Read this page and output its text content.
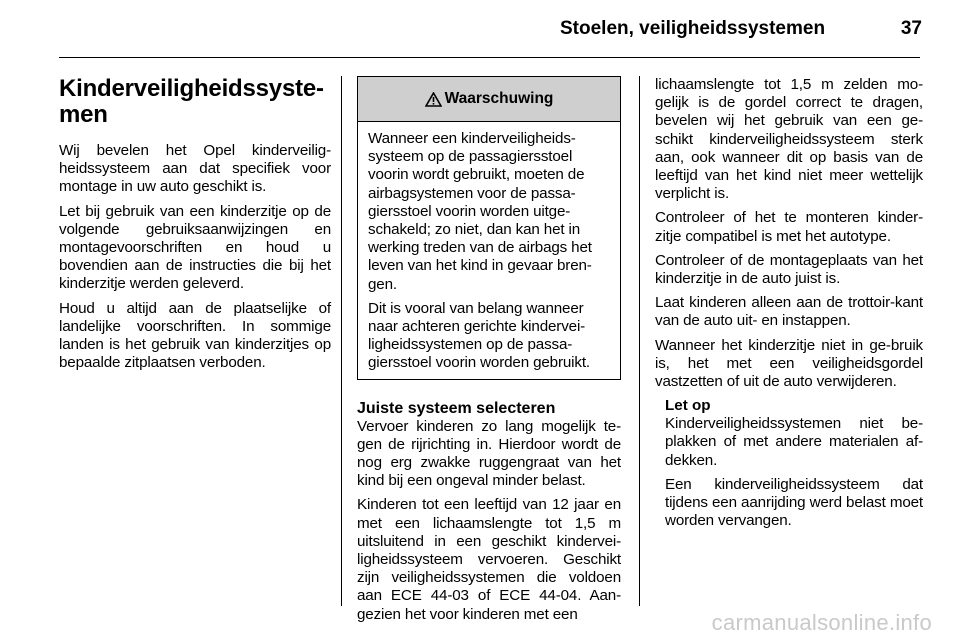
Stoelen, veiligheidssystemen	37
Kinderveiligheidssyste-
men

Wij bevelen het Opel kinderveilig-heidssysteem aan dat specifiek voor montage in uw auto geschikt is.

Let bij gebruik van een kinderzitje op de volgende gebruiksaanwijzingen en montagevoorschriften en houd u bovendien aan de instructies die bij het kinderzitje werden geleverd.

Houd u altijd aan de plaatselijke of landelijke voorschriften. In sommige landen is het gebruik van kinderzitjes op bepaalde zitplaatsen verboden.

Waarschuwing

Wanneer een kinderveiligheids-systeem op de passagiersstoel voorin wordt gebruikt, moeten de airbagsystemen voor de passa-giersstoel voorin worden uitge-schakeld; zo niet, dan kan het in werking treden van de airbags het leven van het kind in gevaar bren-gen.

Dit is vooral van belang wanneer naar achteren gerichte kindervei-ligheidssystemen op de passa-giersstoel voorin worden gebruikt.

Juiste systeem selecteren

Vervoer kinderen zo lang mogelijk te-gen de rijrichting in. Hierdoor wordt de nog erg zwakke ruggengraat van het kind bij een ongeval minder belast.

Kinderen tot een leeftijd van 12 jaar en met een lichaamslengte tot 1,5 m uitsluitend in een geschikt kindervei-ligheidssysteem vervoeren. Geschikt zijn veiligheidssystemen die voldoen aan ECE 44-03 of ECE 44-04. Aan-gezien het voor kinderen met een

lichaamslengte tot 1,5 m zelden mo-gelijk is de gordel correct te dragen, bevelen wij het gebruik van een ge-schikt kinderveiligheidssysteem sterk aan, ook wanneer dit op basis van de leeftijd van het kind niet meer wettelijk verplicht is.

Controleer of het te monteren kinder-zitje compatibel is met het autotype.

Controleer of de montageplaats van het kinderzitje in de auto juist is.

Laat kinderen alleen aan de trottoir-kant van de auto uit- en instappen.

Wanneer het kinderzitje niet in ge-bruik is, het met een veiligheidsgordel vastzetten of uit de auto verwijderen.

Let op

Kinderveiligheidssystemen niet be-plakken of met andere materialen af-dekken.

Een kinderveiligheidssysteem dat tijdens een aanrijding werd belast moet worden vervangen.

carmanualsonline.info
